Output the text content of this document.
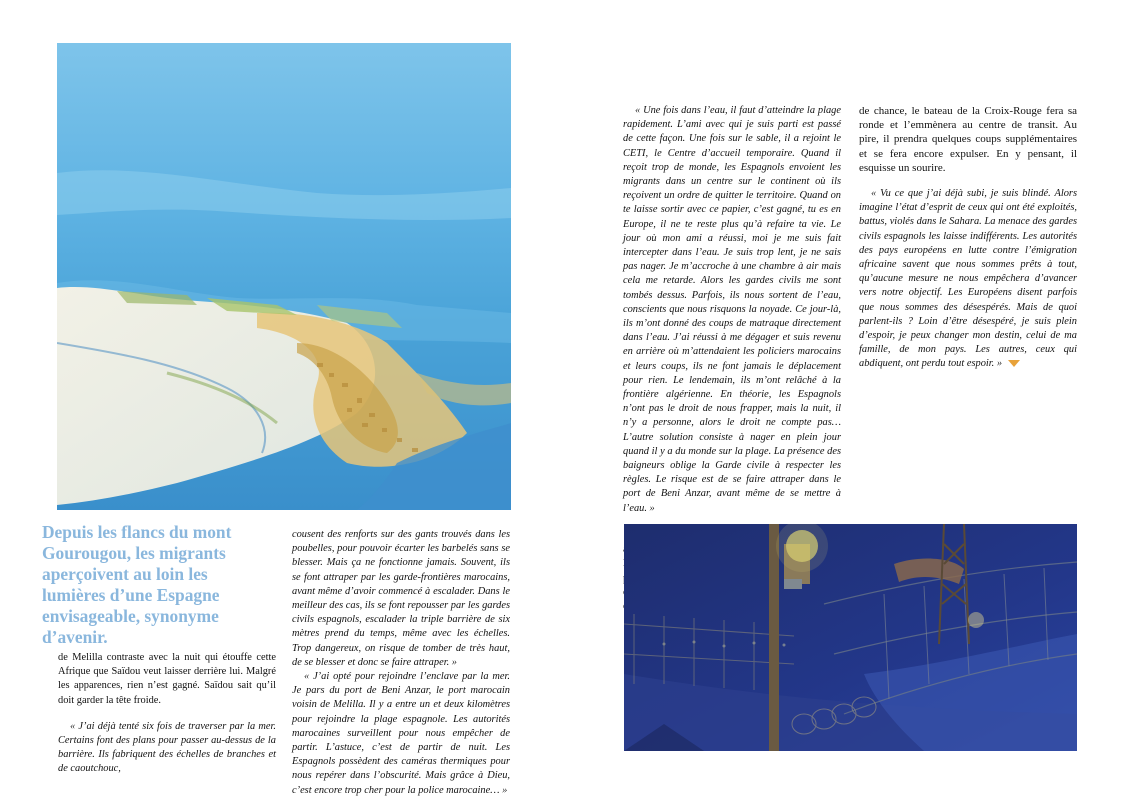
Depuis les flancs du mont Gourougou, les migrants aperçoivent au loin les lumières d’une Espagne envisageable, synonyme d’avenir.

de Melilla contraste avec la nuit qui étouffe cette Afrique que Saïdou veut laisser derrière lui. Malgré les apparences, rien n’est gagné. Saïdou sait qu’il doit garder la tête froide.

« J’ai déjà tenté six fois de traverser par la mer. Certains font des plans pour passer au-dessus de la barrière. Ils fabriquent des échelles de branches et de caoutchouc,

cousent des renforts sur des gants trouvés dans les poubelles, pour pouvoir écarter les barbelés sans se blesser. Mais ça ne fonctionne jamais. Souvent, ils se font attraper par les garde-frontières marocains, avant même d’avoir commencé à escalader. Dans le meilleur des cas, ils se font repousser par les gardes civils espagnols, escalader la triple barrière de six mètres prend du temps, même avec les échelles. Trop dangereux, on risque de tomber de très haut, de se blesser et donc se faire attraper. »

« J’ai opté pour rejoindre l’enclave par la mer. Je pars du port de Beni Anzar, le port marocain voisin de Melilla. Il y a entre un et deux kilomètres pour rejoindre la plage espagnole. Les autorités marocaines surveillent pour nous empêcher de partir. L’astuce, c’est de partir de nuit. Les Espagnols possèdent des caméras thermiques pour nous repérer dans l’obscurité. Mais grâce à Dieu, c’est encore trop cher pour la police marocaine… »

« Une fois dans l’eau, il faut d’atteindre la plage rapidement. L’ami avec qui je suis parti est passé de cette façon. Une fois sur le sable, il a rejoint le CETI, le Centre d’accueil temporaire. Quand il reçoit trop de monde, les Espagnols envoient les migrants dans un centre sur le continent où ils reçoivent un ordre de quitter le territoire. Quand on te laisse sortir avec ce papier, c’est gagné, tu es en Europe, il ne te reste plus qu’à refaire ta vie. Le jour où mon ami a réussi, moi je me suis fait intercepter dans l’eau. Je suis trop lent, je ne sais pas nager. Je m’accroche à une chambre à air mais cela me retarde. Alors les gardes civils me sont tombés dessus. Parfois, ils nous sortent de l’eau, conscients que nous risquons la noyade. Ce jour-là, ils m’ont donné des coups de matraque directement dans l’eau. J’ai réussi à me dégager et suis revenu en arrière où m’attendaient les policiers marocains et leurs coups, ils ne font jamais le déplacement pour rien. Le lendemain, ils m’ont relâché à la frontière algérienne. En théorie, les Espagnols n’ont pas le droit de nous frapper, mais la nuit, il n’y a personne, alors le droit ne compte pas… L’autre solution consiste à nager en plein jour quand il y a du monde sur la plage. La présence des baigneurs oblige la Garde civile à respecter les règles. Le risque est de se faire attraper dans le port de Beni Anzar, avant même de se mettre à l’eau. »

de chance, le bateau de la Croix-Rouge fera sa ronde et l’emmènera au centre de transit. Au pire, il prendra quelques coups supplémentaires et se fera encore expulser. En y pensant, il esquisse un sourire.

« Vu ce que j’ai déjà subi, je suis blindé. Alors imagine l’état d’esprit de ceux qui ont été exploités, battus, violés dans le Sahara. La menace des gardes civils espagnols les laisse indifférents. Les autorités des pays européens en lutte contre l’émigration africaine savent que nous sommes prêts à tout, qu’aucune mesure ne nous empêchera d’avancer vers notre objectif. Les Européens disent parfois que nous sommes des désespérés. Mais de quoi parlent-ils ? Loin d’être désespéré, je suis plein d’espoir, je peux changer mon destin, celui de ma famille, de mon pays. Les autres, ceux qui abdiquent, ont perdu tout espoir. »
